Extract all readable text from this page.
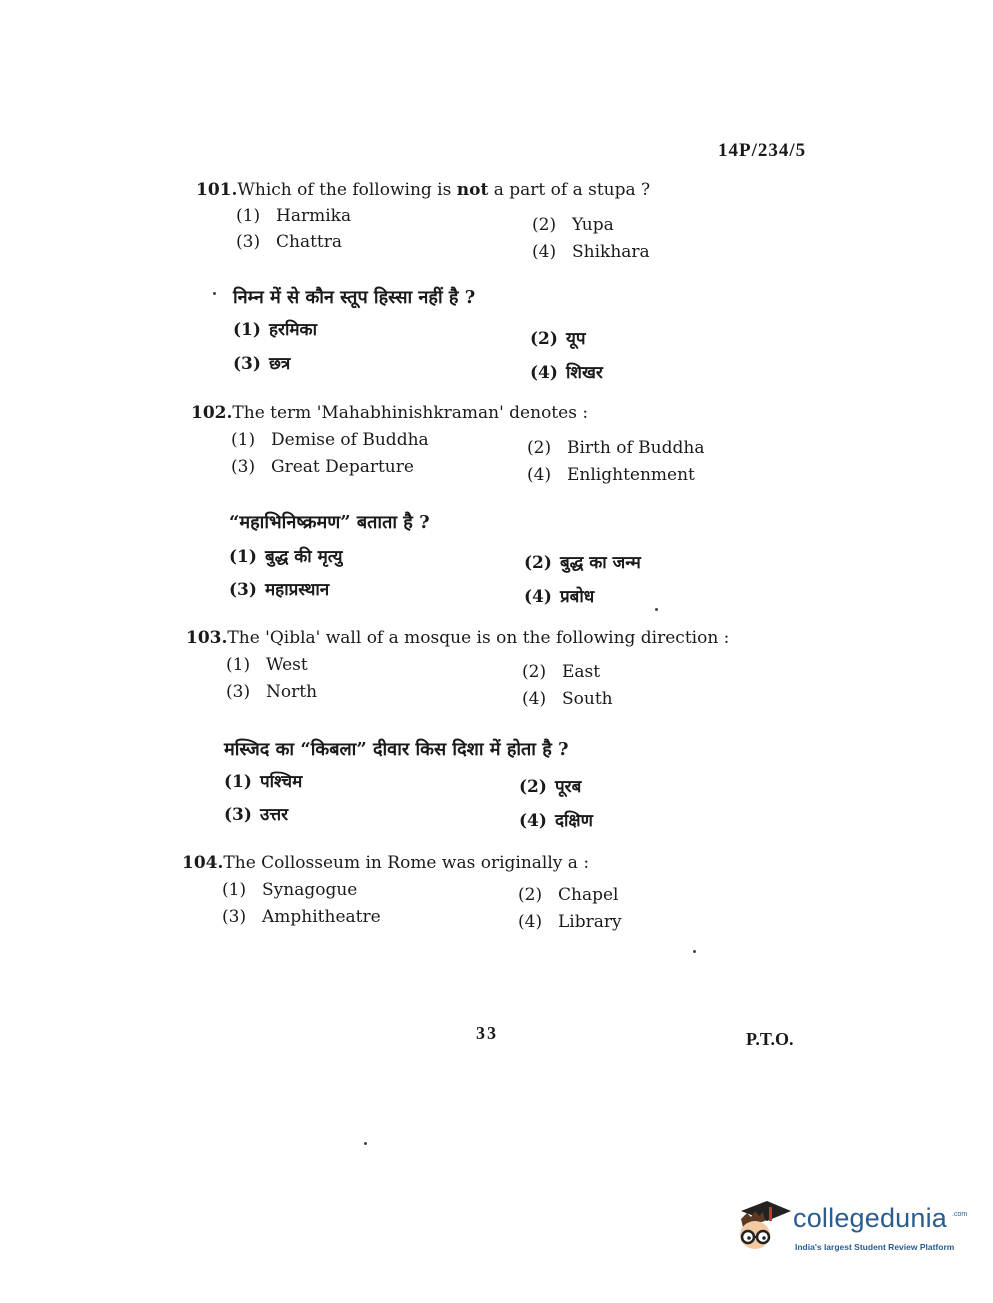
14P/234/5
101.Which of the following is not a part of a stupa ?
(1) Harmika	(2) Yupa
(3) Chattra	(4) Shikhara
निम्न में से कौन स्तूप हिस्सा नहीं है ?
(1) हरमिका	(2) यूप
(3) छत्र	(4) शिखर
102.The term 'Mahabhinishkraman' denotes :
(1) Demise of Buddha	(2) Birth of Buddha
(3) Great Departure	(4) Enlightenment
“महाभिनिष्क्रमण” बताता है ?
(1) बुद्ध की मृत्यु	(2) बुद्ध का जन्म
(3) महाप्रस्थान	(4) प्रबोध
103.The 'Qibla' wall of a mosque is on the following direction :
(1) West	(2) East
(3) North	(4) South
मस्जिद का “किबला” दीवार किस दिशा में होता है ?
(1) पश्चिम	(2) पूरब
(3) उत्तर	(4) दक्षिण
104.The Collosseum in Rome was originally a :
(1) Synagogue	(2) Chapel
(3) Amphitheatre	(4) Library
33	P.T.O.
collegedunia .com
India's largest Student Review Platform
